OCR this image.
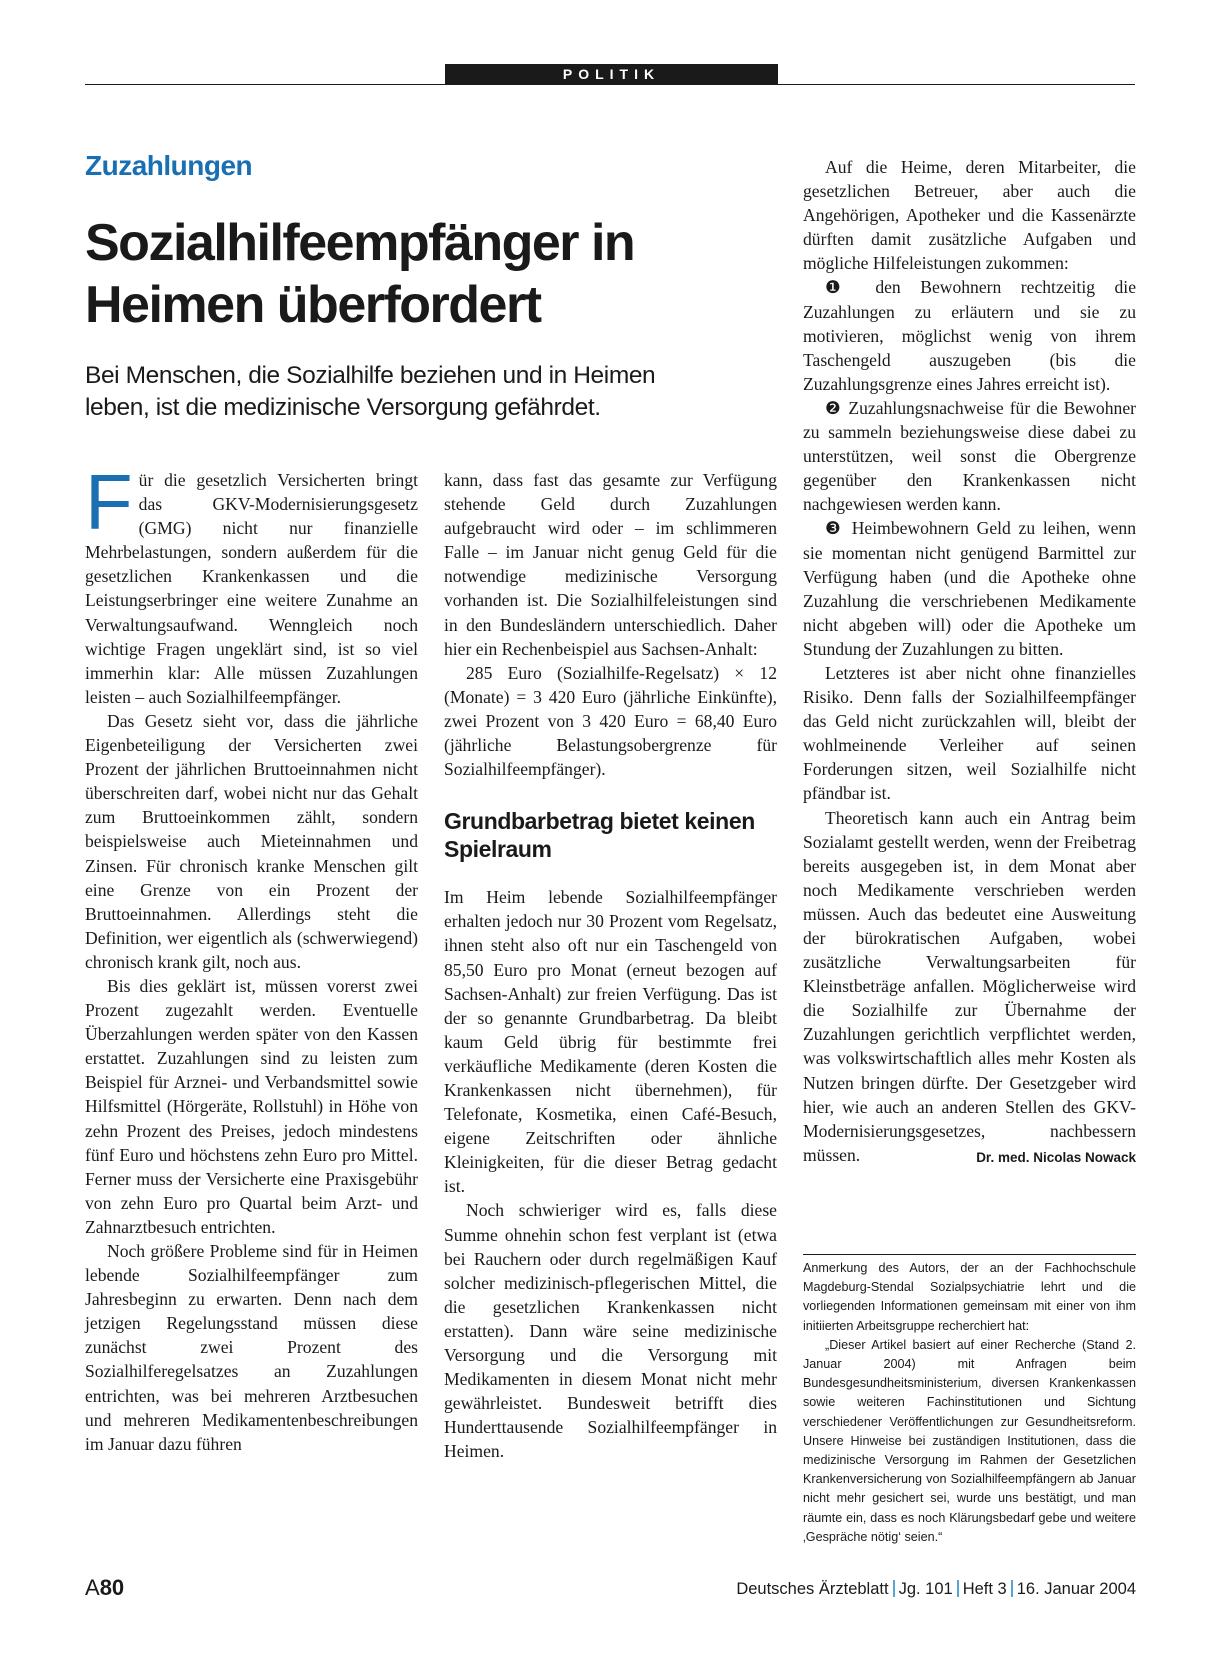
POLITIK
Zuzahlungen
Sozialhilfeempfänger in Heimen überfordert

Bei Menschen, die Sozialhilfe beziehen und in Heimen leben, ist die medizinische Versorgung gefährdet.

Für die gesetzlich Versicherten bringt das GKV-Modernisierungsgesetz (GMG) nicht nur finanzielle Mehrbelastungen, sondern außerdem für die gesetzlichen Krankenkassen und die Leistungserbringer eine weitere Zunahme an Verwaltungsaufwand. Wenngleich noch wichtige Fragen ungeklärt sind, ist so viel immerhin klar: Alle müssen Zuzahlungen leisten – auch Sozialhilfeempfänger.

Das Gesetz sieht vor, dass die jährliche Eigenbeteiligung der Versicherten zwei Prozent der jährlichen Bruttoeinnahmen nicht überschreiten darf, wobei nicht nur das Gehalt zum Bruttoeinkommen zählt, sondern beispielsweise auch Mieteinnahmen und Zinsen. Für chronisch kranke Menschen gilt eine Grenze von ein Prozent der Bruttoeinnahmen. Allerdings steht die Definition, wer eigentlich als (schwerwiegend) chronisch krank gilt, noch aus.

Bis dies geklärt ist, müssen vorerst zwei Prozent zugezahlt werden. Eventuelle Überzahlungen werden später von den Kassen erstattet. Zuzahlungen sind zu leisten zum Beispiel für Arznei- und Verbandsmittel sowie Hilfsmittel (Hörgeräte, Rollstuhl) in Höhe von zehn Prozent des Preises, jedoch mindestens fünf Euro und höchstens zehn Euro pro Mittel. Ferner muss der Versicherte eine Praxisgebühr von zehn Euro pro Quartal beim Arzt- und Zahnarztbesuch entrichten.

Noch größere Probleme sind für in Heimen lebende Sozialhilfeempfänger zum Jahresbeginn zu erwarten. Denn nach dem jetzigen Regelungsstand müssen diese zunächst zwei Prozent des Sozialhilferegelsatzes an Zuzahlungen entrichten, was bei mehreren Arztbesuchen und mehreren Medikamentenbeschreibungen im Januar dazu führen

kann, dass fast das gesamte zur Verfügung stehende Geld durch Zuzahlungen aufgebraucht wird oder – im schlimmeren Falle – im Januar nicht genug Geld für die notwendige medizinische Versorgung vorhanden ist. Die Sozialhilfeleistungen sind in den Bundesländern unterschiedlich. Daher hier ein Rechenbeispiel aus Sachsen-Anhalt:

285 Euro (Sozialhilfe-Regelsatz) × 12 (Monate) = 3 420 Euro (jährliche Einkünfte), zwei Prozent von 3 420 Euro = 68,40 Euro (jährliche Belastungsobergrenze für Sozialhilfeempfänger).

Grundbarbetrag bietet keinen Spielraum

Im Heim lebende Sozialhilfeempfänger erhalten jedoch nur 30 Prozent vom Regelsatz, ihnen steht also oft nur ein Taschengeld von 85,50 Euro pro Monat (erneut bezogen auf Sachsen-Anhalt) zur freien Verfügung. Das ist der so genannte Grundbarbetrag. Da bleibt kaum Geld übrig für bestimmte frei verkäufliche Medikamente (deren Kosten die Krankenkassen nicht übernehmen), für Telefonate, Kosmetika, einen Café-Besuch, eigene Zeitschriften oder ähnliche Kleinigkeiten, für die dieser Betrag gedacht ist.

Noch schwieriger wird es, falls diese Summe ohnehin schon fest verplant ist (etwa bei Rauchern oder durch regelmäßigen Kauf solcher medizinisch-pflegerischen Mittel, die die gesetzlichen Krankenkassen nicht erstatten). Dann wäre seine medizinische Versorgung und die Versorgung mit Medikamenten in diesem Monat nicht mehr gewährleistet. Bundesweit betrifft dies Hunderttausende Sozialhilfeempfänger in Heimen.

Auf die Heime, deren Mitarbeiter, die gesetzlichen Betreuer, aber auch die Angehörigen, Apotheker und die Kassenärzte dürften damit zusätzliche Aufgaben und mögliche Hilfeleistungen zukommen:

❶ den Bewohnern rechtzeitig die Zuzahlungen zu erläutern und sie zu motivieren, möglichst wenig von ihrem Taschengeld auszugeben (bis die Zuzahlungsgrenze eines Jahres erreicht ist).

❷ Zuzahlungsnachweise für die Bewohner zu sammeln beziehungsweise diese dabei zu unterstützen, weil sonst die Obergrenze gegenüber den Krankenkassen nicht nachgewiesen werden kann.

❸ Heimbewohnern Geld zu leihen, wenn sie momentan nicht genügend Barmittel zur Verfügung haben (und die Apotheke ohne Zuzahlung die verschriebenen Medikamente nicht abgeben will) oder die Apotheke um Stundung der Zuzahlungen zu bitten.

Letzteres ist aber nicht ohne finanzielles Risiko. Denn falls der Sozialhilfeempfänger das Geld nicht zurückzahlen will, bleibt der wohlmeinende Verleiher auf seinen Forderungen sitzen, weil Sozialhilfe nicht pfändbar ist.

Theoretisch kann auch ein Antrag beim Sozialamt gestellt werden, wenn der Freibetrag bereits ausgegeben ist, in dem Monat aber noch Medikamente verschrieben werden müssen. Auch das bedeutet eine Ausweitung der bürokratischen Aufgaben, wobei zusätzliche Verwaltungsarbeiten für Kleinstbeträge anfallen. Möglicherweise wird die Sozialhilfe zur Übernahme der Zuzahlungen gerichtlich verpflichtet werden, was volkswirtschaftlich alles mehr Kosten als Nutzen bringen dürfte. Der Gesetzgeber wird hier, wie auch an anderen Stellen des GKV-Modernisierungsgesetzes, nachbessern müssen.	Dr. med. Nicolas Nowack

Anmerkung des Autors, der an der Fachhochschule Magdeburg-Stendal Sozialpsychiatrie lehrt und die vorliegenden Informationen gemeinsam mit einer von ihm initiierten Arbeitsgruppe recherchiert hat:

„Dieser Artikel basiert auf einer Recherche (Stand 2. Januar 2004) mit Anfragen beim Bundesgesundheitsministerium, diversen Krankenkassen sowie weiteren Fachinstitutionen und Sichtung verschiedener Veröffentlichungen zur Gesundheitsreform. Unsere Hinweise bei zuständigen Institutionen, dass die medizinische Versorgung im Rahmen der Gesetzlichen Krankenversicherung von Sozialhilfeempfängern ab Januar nicht mehr gesichert sei, wurde uns bestätigt, und man räumte ein, dass es noch Klärungsbedarf gebe und weitere ‚Gespräche nötig‘ seien.“

A80	Deutsches Ärzteblatt Jg. 101 Heft 3 16. Januar 2004
